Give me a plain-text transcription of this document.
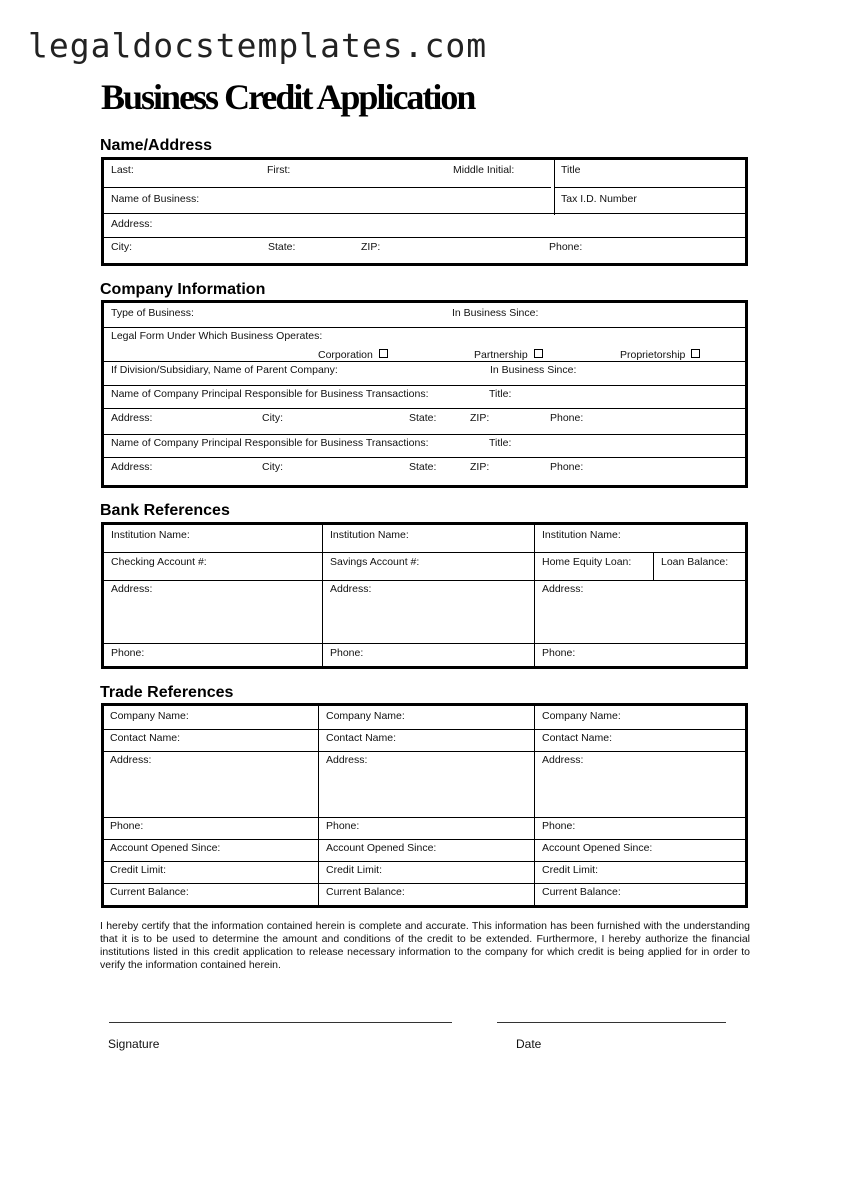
legaldocstemplates.com
Business Credit Application
Name/Address
Last:	First:	Middle Initial:	Title
Name of Business:	Tax I.D. Number
Address:
City:	State:	ZIP:	Phone:
Company Information
Type of Business:	In Business Since:
Legal Form Under Which Business Operates:
Corporation	Partnership	Proprietorship
If Division/Subsidiary, Name of Parent Company:	In Business Since:
Name of Company Principal Responsible for Business Transactions:	Title:
Address:	City:	State:	ZIP:	Phone:
Name of Company Principal Responsible for Business Transactions:	Title:
Address:	City:	State:	ZIP:	Phone:
Bank References
Institution Name:	Institution Name:	Institution Name:
Checking Account #:	Savings Account #:	Home Equity Loan:	Loan Balance:
Address:	Address:	Address:
Phone:	Phone:	Phone:
Trade References
Company Name:	Company Name:	Company Name:
Contact Name:	Contact Name:	Contact Name:
Address:	Address:	Address:
Phone:	Phone:	Phone:
Account Opened Since:	Account Opened Since:	Account Opened Since:
Credit Limit:	Credit Limit:	Credit Limit:
Current Balance:	Current Balance:	Current Balance:
I hereby certify that the information contained herein is complete and accurate. This information has been furnished with the understanding that it is to be used to determine the amount and conditions of the credit to be extended. Furthermore, I hereby authorize the financial institutions listed in this credit application to release necessary information to the company for which credit is being applied for in order to verify the information contained herein.
Signature	Date
